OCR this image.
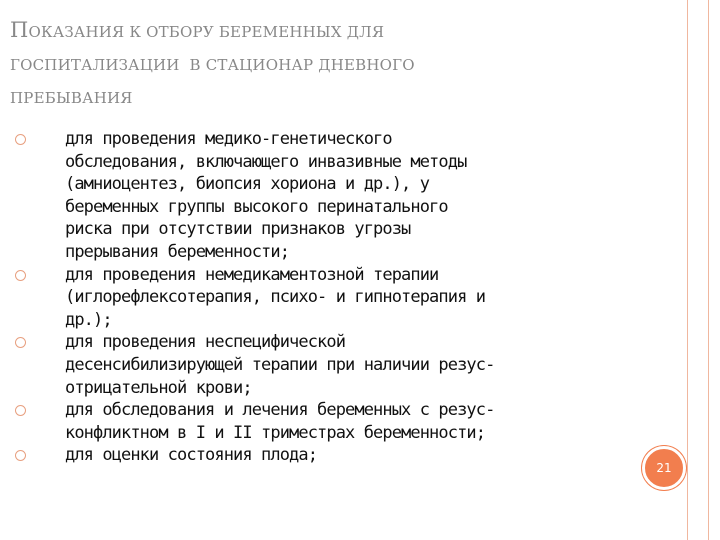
ПОКАЗАНИЯ К ОТБОРУ БЕРЕМЕННЫХ ДЛЯ
ГОСПИТАЛИЗАЦИИ  В СТАЦИОНАР ДНЕВНОГО
ПРЕБЫВАНИЯ
для проведения медико-генетического
обследования, включающего инвазивные методы
(амниоцентез, биопсия хориона и др.), у
беременных группы высокого перинатального
риска при отсутствии признаков угрозы
прерывания беременности;
для проведения немедикаментозной терапии
(иглорефлексотерапия, психо- и гипнотерапия и
др.);
для проведения неспецифической
десенсибилизирующей терапии при наличии резус-
отрицательной крови;
для обследования и лечения беременных с резус-
конфликтном в I и II триместрах беременности;
для оценки состояния плода;
21
